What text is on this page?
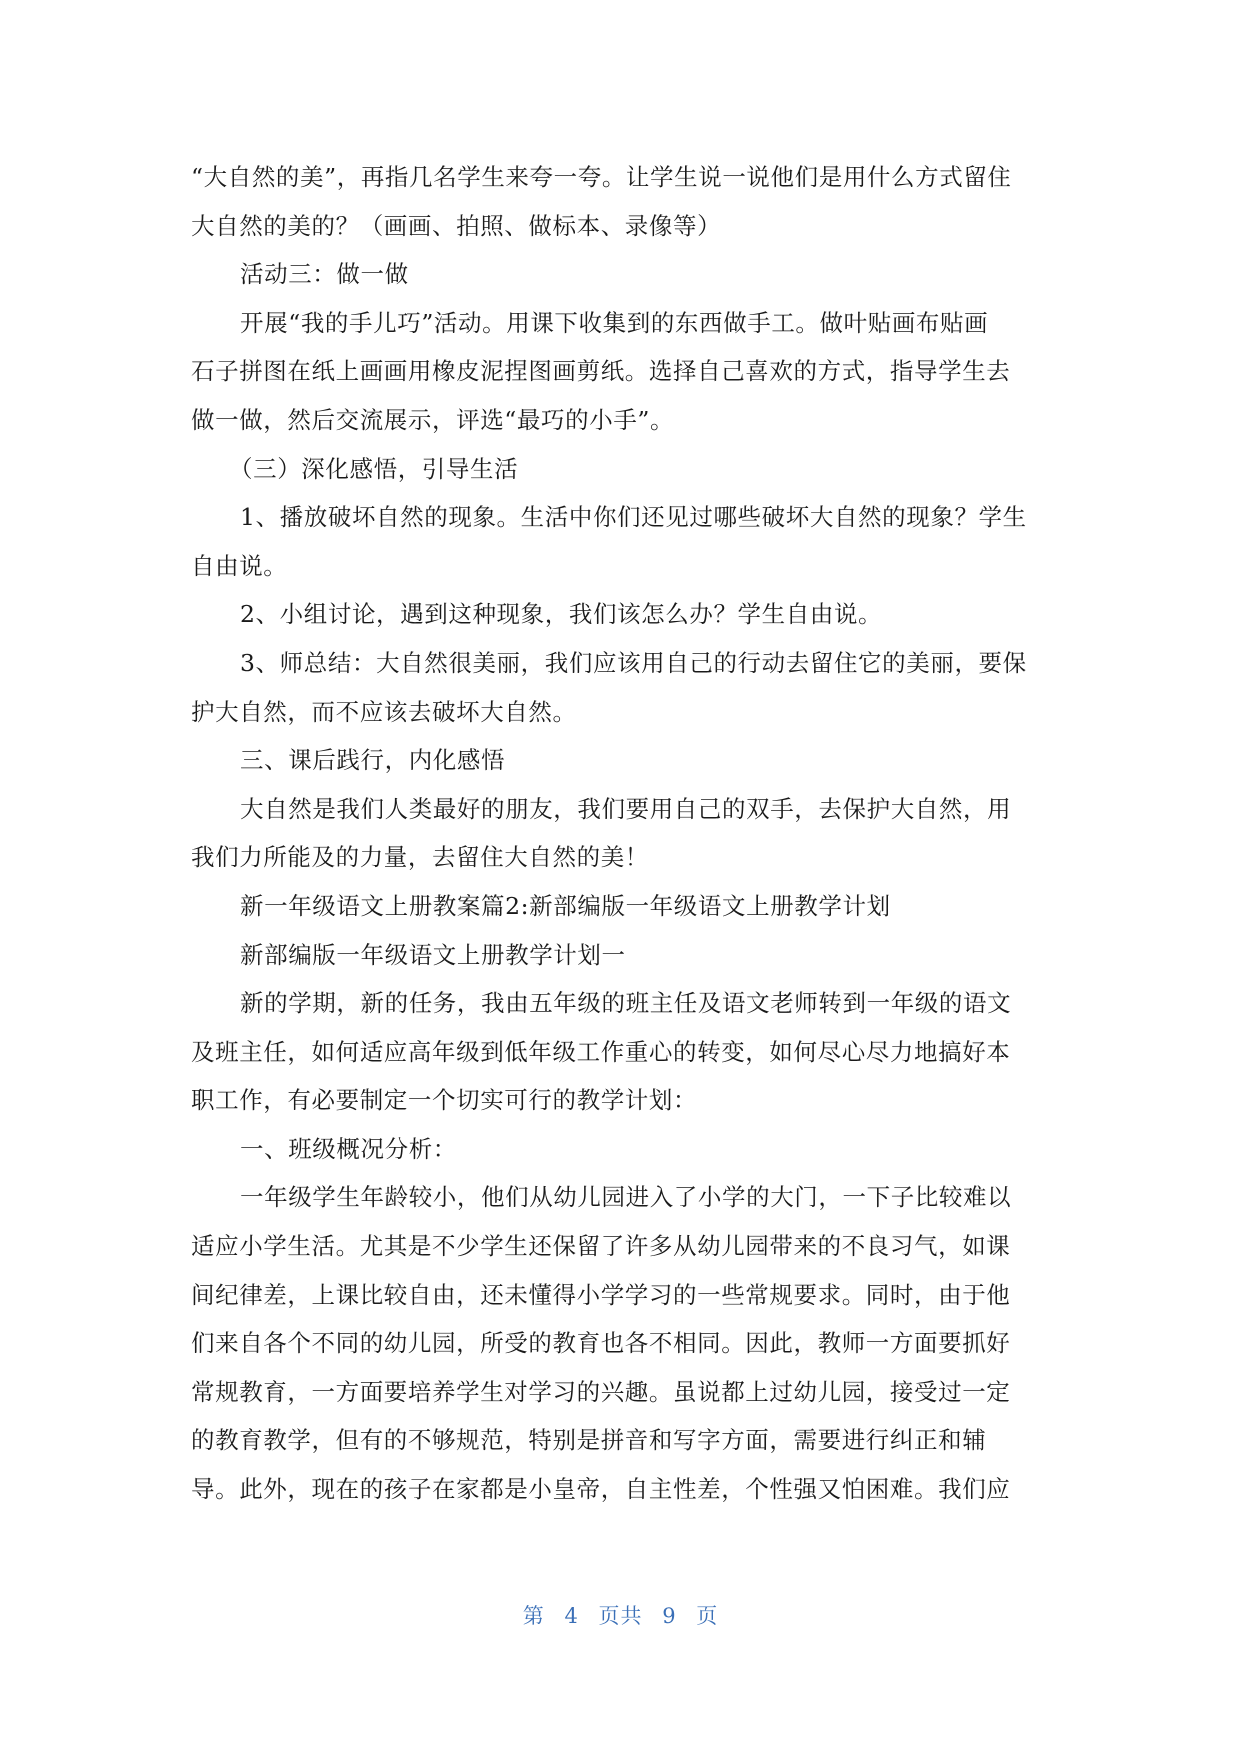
“大自然的美”，再指几名学生来夸一夸。让学生说一说他们是用什么方式留住
大自然的美的？（画画、拍照、做标本、录像等）
活动三：做一做
开展“我的手儿巧”活动。用课下收集到的东西做手工。做叶贴画布贴画
石子拼图在纸上画画用橡皮泥捏图画剪纸。选择自己喜欢的方式，指导学生去
做一做，然后交流展示，评选“最巧的小手”。
（三）深化感悟，引导生活
1、播放破坏自然的现象。生活中你们还见过哪些破坏大自然的现象？学生
自由说。
2、小组讨论，遇到这种现象，我们该怎么办？学生自由说。
3、师总结：大自然很美丽，我们应该用自己的行动去留住它的美丽，要保
护大自然，而不应该去破坏大自然。
三、课后践行，内化感悟
大自然是我们人类最好的朋友，我们要用自己的双手，去保护大自然，用
我们力所能及的力量，去留住大自然的美！
新一年级语文上册教案篇2:新部编版一年级语文上册教学计划
新部编版一年级语文上册教学计划一
新的学期，新的任务，我由五年级的班主任及语文老师转到一年级的语文
及班主任，如何适应高年级到低年级工作重心的转变，如何尽心尽力地搞好本
职工作，有必要制定一个切实可行的教学计划：
一、班级概况分析：
一年级学生年龄较小，他们从幼儿园进入了小学的大门，一下子比较难以
适应小学生活。尤其是不少学生还保留了许多从幼儿园带来的不良习气，如课
间纪律差，上课比较自由，还未懂得小学学习的一些常规要求。同时，由于他
们来自各个不同的幼儿园，所受的教育也各不相同。因此，教师一方面要抓好
常规教育，一方面要培养学生对学习的兴趣。虽说都上过幼儿园，接受过一定
的教育教学，但有的不够规范，特别是拼音和写字方面，需要进行纠正和辅
导。此外，现在的孩子在家都是小皇帝，自主性差，个性强又怕困难。我们应
第 4 页共 9 页
